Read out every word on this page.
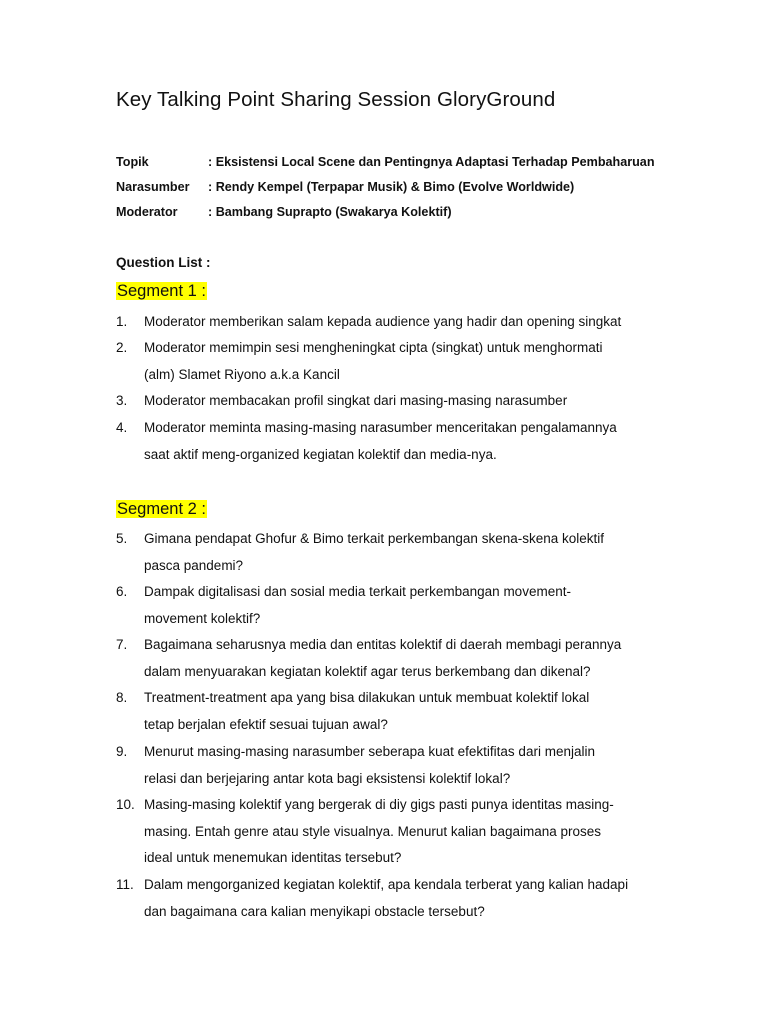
Key Talking Point Sharing Session GloryGround
Topik	: Eksistensi Local Scene dan Pentingnya Adaptasi Terhadap Pembaharuan
Narasumber : Rendy Kempel (Terpapar Musik) & Bimo (Evolve Worldwide)
Moderator : Bambang Suprapto (Swakarya Kolektif)
Question List :
Segment 1 :
1. Moderator memberikan salam kepada audience yang hadir dan opening singkat
2. Moderator memimpin sesi mengheningkat cipta (singkat) untuk menghormati
(alm) Slamet Riyono a.k.a Kancil
3. Moderator membacakan profil singkat dari masing-masing narasumber
4. Moderator meminta masing-masing narasumber menceritakan pengalamannya
saat aktif meng-organized kegiatan kolektif dan media-nya.
Segment 2 :
5. Gimana pendapat Ghofur & Bimo terkait perkembangan skena-skena kolektif
pasca pandemi?
6. Dampak digitalisasi dan sosial media terkait perkembangan movement-
movement kolektif?
7. Bagaimana seharusnya media dan entitas kolektif di daerah membagi perannya
dalam menyuarakan kegiatan kolektif agar terus berkembang dan dikenal?
8. Treatment-treatment apa yang bisa dilakukan untuk membuat kolektif lokal
tetap berjalan efektif sesuai tujuan awal?
9. Menurut masing-masing narasumber seberapa kuat efektifitas dari menjalin
relasi dan berjejaring antar kota bagi eksistensi kolektif lokal?
10. Masing-masing kolektif yang bergerak di diy gigs pasti punya identitas masing-
masing. Entah genre atau style visualnya. Menurut kalian bagaimana proses
ideal untuk menemukan identitas tersebut?
11. Dalam mengorganized kegiatan kolektif, apa kendala terberat yang kalian hadapi
dan bagaimana cara kalian menyikapi obstacle tersebut?
